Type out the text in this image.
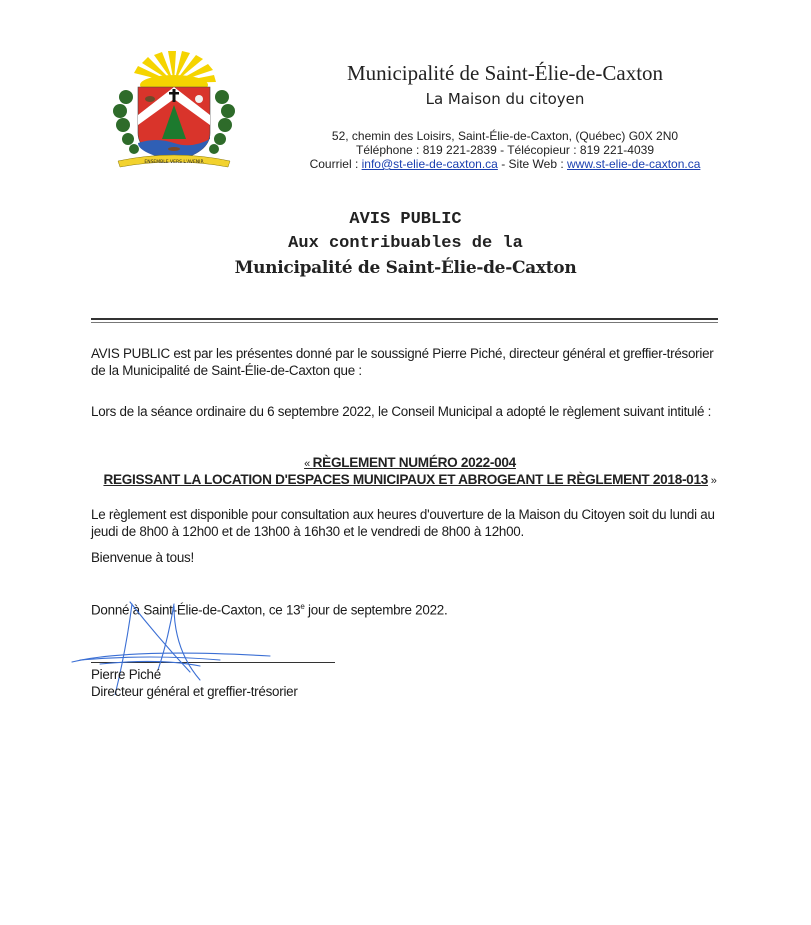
ENSEMBLE VERS L'AVENIR
Municipalité de Saint-Élie-de-Caxton
La Maison du citoyen
52, chemin des Loisirs, Saint-Élie-de-Caxton, (Québec) G0X 2N0
Téléphone : 819 221-2839 - Télécopieur : 819 221-4039
Courriel : info@st-elie-de-caxton.ca - Site Web : www.st-elie-de-caxton.ca
AVIS PUBLIC
Aux contribuables de la
Municipalité de Saint-Élie-de-Caxton
AVIS PUBLIC est par les présentes donné par le soussigné Pierre Piché, directeur général et greffier-trésorier de la Municipalité de Saint-Élie-de-Caxton que :
Lors de la séance ordinaire du 6 septembre 2022, le Conseil Municipal a adopté le règlement suivant intitulé :
« RÈGLEMENT NUMÉRO 2022-004
REGISSANT LA LOCATION D'ESPACES MUNICIPAUX ET ABROGEANT LE RÈGLEMENT 2018-013 »
Le règlement est disponible pour consultation aux heures d'ouverture de la Maison du Citoyen soit du lundi au jeudi de 8h00 à 12h00 et de 13h00 à 16h30 et le vendredi de 8h00 à 12h00.
Bienvenue à tous!
Donné à Saint-Élie-de-Caxton, ce 13e jour de septembre 2022.
Pierre Piché
Directeur général et greffier-trésorier
